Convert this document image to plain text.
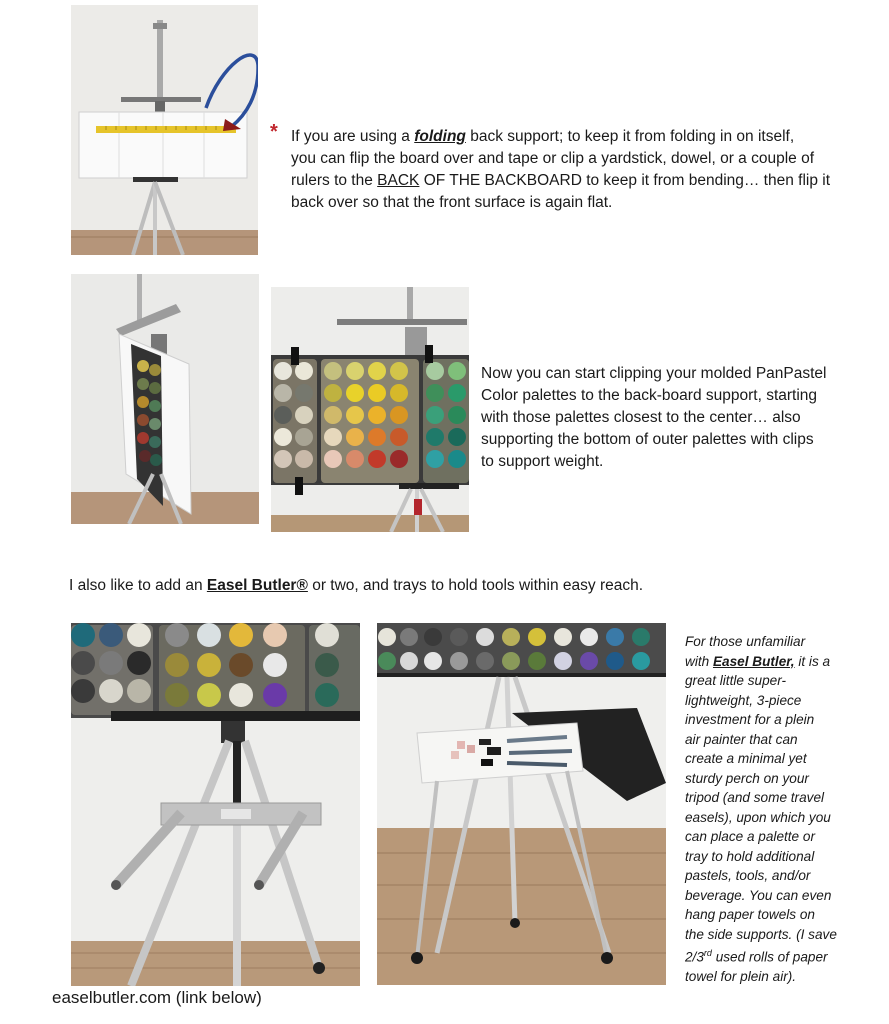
* If you are using a folding back support; to keep it from folding in on itself,
you can flip the board over and tape or clip a yardstick, dowel, or a couple of
rulers to the BACK OF THE BACKBOARD to keep it from bending… then flip it
back over so that the front surface is again flat.
Now you can start clipping your molded PanPastel
Color palettes to the back-board support, starting
with those palettes closest to the center… also
supporting the bottom of outer palettes with clips
to support weight.
I also like to add an Easel Butler® or two, and trays to hold tools within easy reach.
For those unfamiliar
with Easel Butler, it is a
great little super-
lightweight, 3-piece
investment for a plein
air painter that can
create a minimal yet
sturdy perch on your
tripod (and some travel
easels), upon which you
can place a palette or
tray to hold additional
pastels, tools, and/or
beverage. You can even
hang paper towels on
the side supports. (I save
2/3rd used rolls of paper
towel for plein air).
easelbutler.com (link below)
